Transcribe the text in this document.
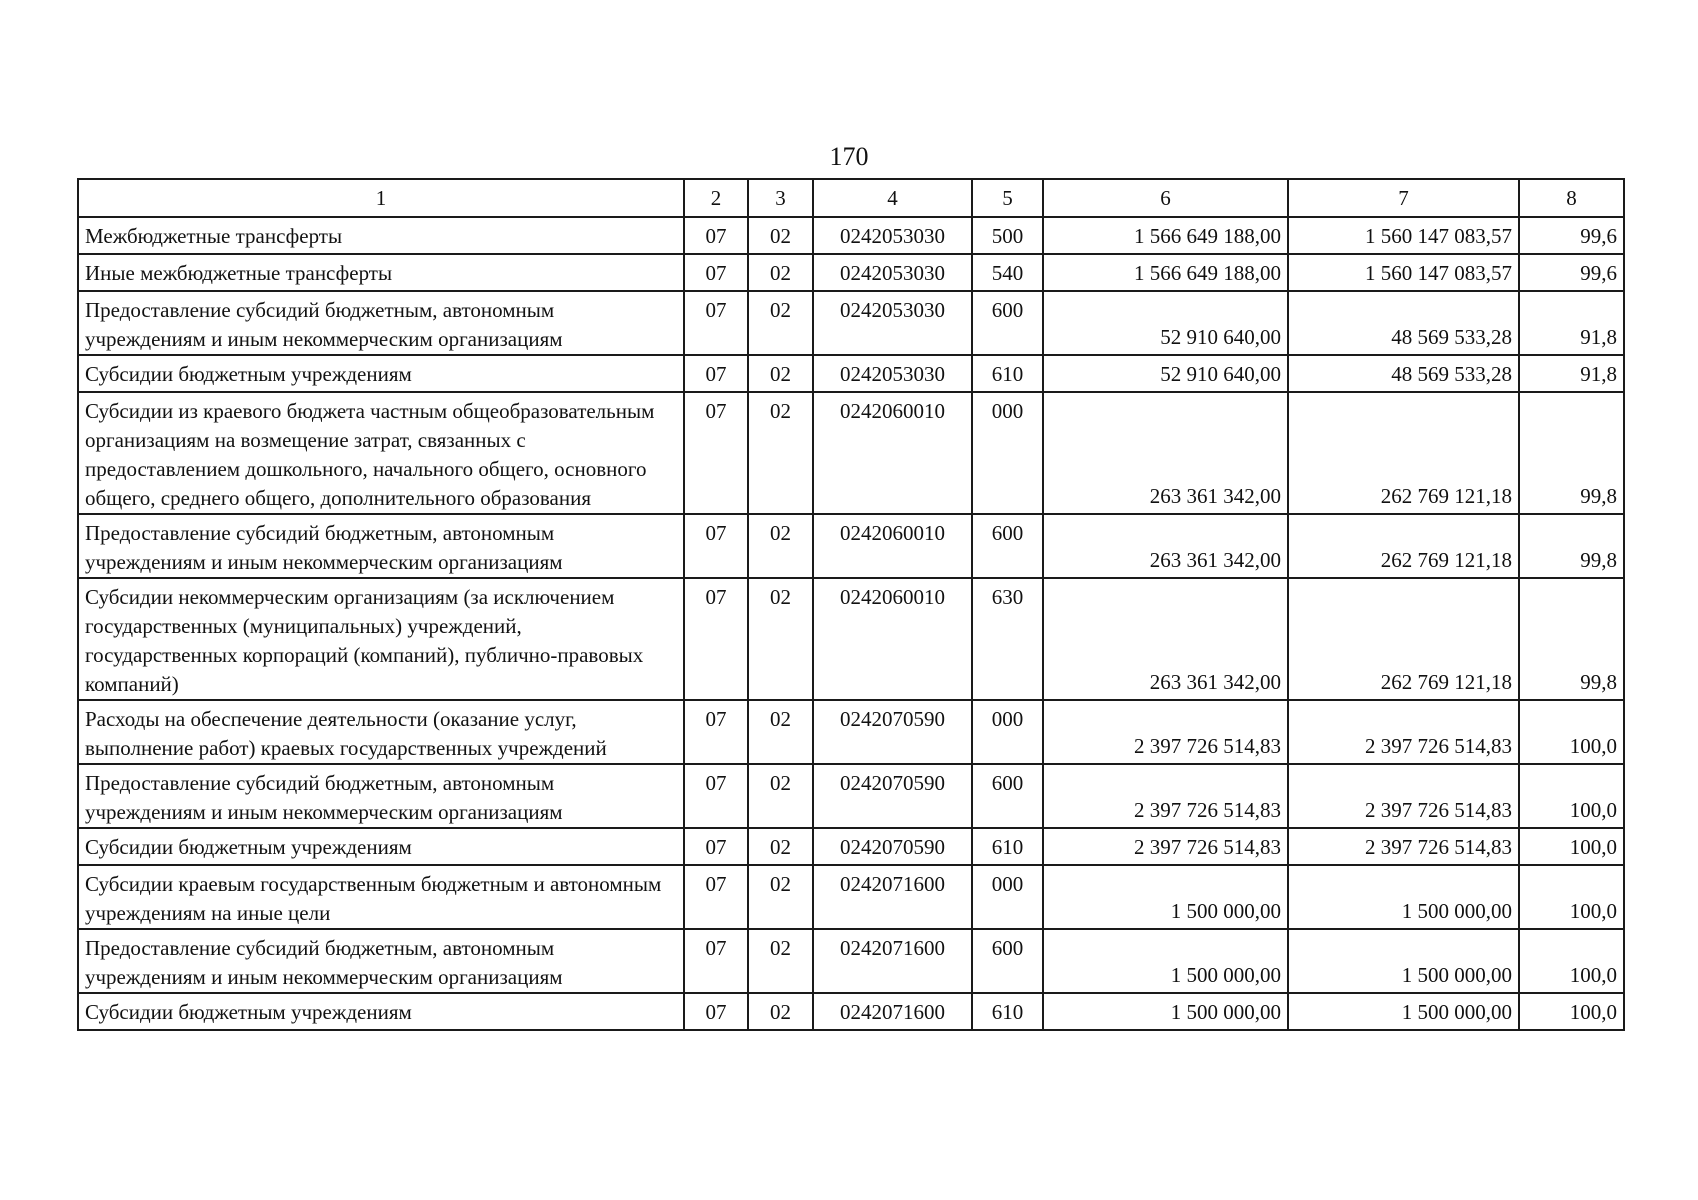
170
1	2	3	4	5	6	7	8
Межбюджетные трансферты	07	02	0242053030	500	1 566 649 188,00	1 560 147 083,57	99,6
Иные межбюджетные трансферты	07	02	0242053030	540	1 566 649 188,00	1 560 147 083,57	99,6
Предоставление субсидий бюджетным, автономным учреждениям и иным некоммерческим организациям	07	02	0242053030	600	52 910 640,00	48 569 533,28	91,8
Субсидии бюджетным учреждениям	07	02	0242053030	610	52 910 640,00	48 569 533,28	91,8
Субсидии из краевого бюджета частным общеобразовательным организациям на возмещение затрат, связанных с предоставлением дошкольного, начального общего, основного общего, среднего общего, дополнительного образования	07	02	0242060010	000	263 361 342,00	262 769 121,18	99,8
Предоставление субсидий бюджетным, автономным учреждениям и иным некоммерческим организациям	07	02	0242060010	600	263 361 342,00	262 769 121,18	99,8
Субсидии некоммерческим организациям (за исключением государственных (муниципальных) учреждений, государственных корпораций (компаний), публично-правовых компаний)	07	02	0242060010	630	263 361 342,00	262 769 121,18	99,8
Расходы на обеспечение деятельности (оказание услуг, выполнение работ) краевых государственных учреждений	07	02	0242070590	000	2 397 726 514,83	2 397 726 514,83	100,0
Предоставление субсидий бюджетным, автономным учреждениям и иным некоммерческим организациям	07	02	0242070590	600	2 397 726 514,83	2 397 726 514,83	100,0
Субсидии бюджетным учреждениям	07	02	0242070590	610	2 397 726 514,83	2 397 726 514,83	100,0
Субсидии краевым государственным бюджетным и автономным учреждениям на иные цели	07	02	0242071600	000	1 500 000,00	1 500 000,00	100,0
Предоставление субсидий бюджетным, автономным учреждениям и иным некоммерческим организациям	07	02	0242071600	600	1 500 000,00	1 500 000,00	100,0
Субсидии бюджетным учреждениям	07	02	0242071600	610	1 500 000,00	1 500 000,00	100,0
